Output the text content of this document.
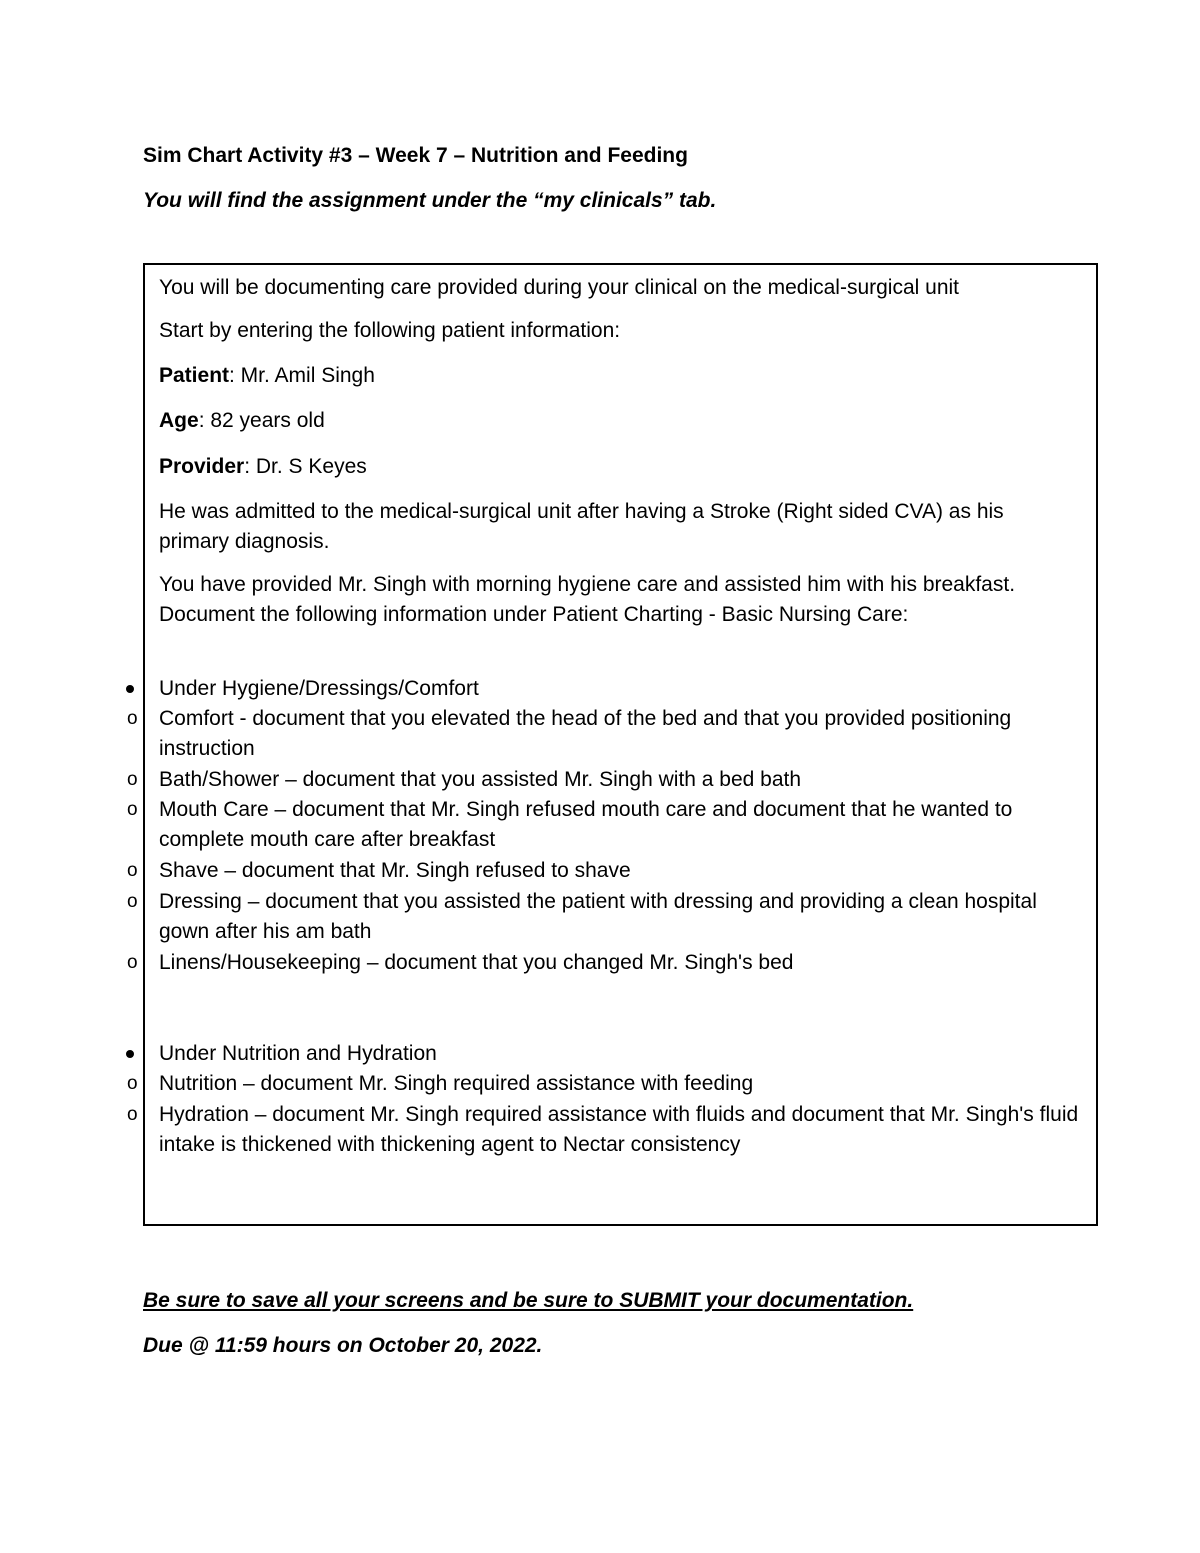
Sim Chart Activity #3 – Week 7 – Nutrition and Feeding

You will find the assignment under the “my clinicals” tab.

You will be documenting care provided during your clinical on the medical-surgical unit

Start by entering the following patient information:

Patient: Mr. Amil Singh

Age: 82 years old

Provider: Dr. S Keyes

He was admitted to the medical-surgical unit after having a Stroke (Right sided CVA) as his primary diagnosis.

You have provided Mr. Singh with morning hygiene care and assisted him with his breakfast. Document the following information under Patient Charting - Basic Nursing Care:

Under Hygiene/Dressings/Comfort

o Comfort - document that you elevated the head of the bed and that you provided positioning instruction

o Bath/Shower – document that you assisted Mr. Singh with a bed bath

o Mouth Care – document that Mr. Singh refused mouth care and document that he wanted to complete mouth care after breakfast

o Shave – document that Mr. Singh refused to shave

o Dressing – document that you assisted the patient with dressing and providing a clean hospital gown after his am bath

o Linens/Housekeeping – document that you changed Mr. Singh's bed

Under Nutrition and Hydration

o Nutrition – document Mr. Singh required assistance with feeding

o Hydration – document Mr. Singh required assistance with fluids and document that Mr. Singh's fluid intake is thickened with thickening agent to Nectar consistency

Be sure to save all your screens and be sure to SUBMIT your documentation.

Due @ 11:59 hours on October 20, 2022.
